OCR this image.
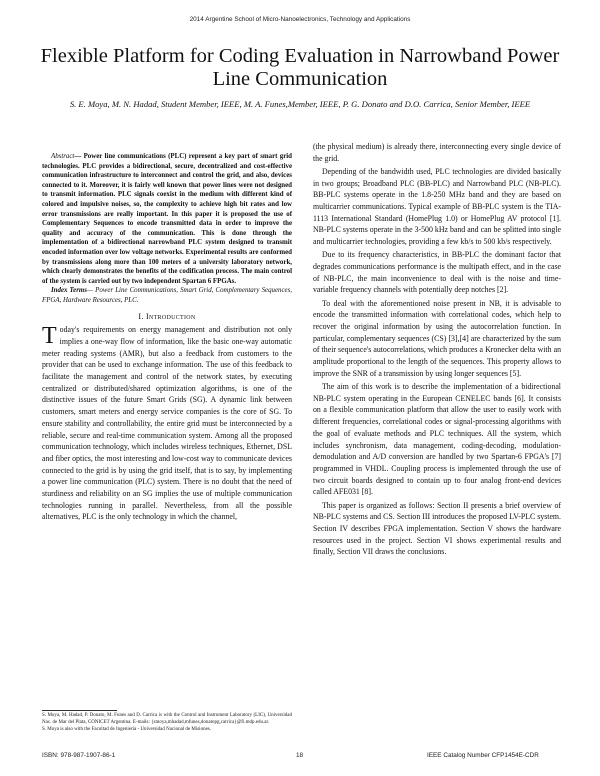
2014 Argentine School of Micro-Nanoelectronics, Technology and Applications
Flexible Platform for Coding Evaluation in Narrowband Power Line Communication
S. E. Moya, M. N. Hadad, Student Member, IEEE, M. A. Funes,Member, IEEE, P. G. Donato and D.O. Carrica, Senior Member, IEEE

Abstract— Power line communications (PLC) represent a key part of smart grid technologies. PLC provides a bidirectional, secure, decentralized and cost-effective communication infrastructure to interconnect and control the grid, and also, devices connected to it. Moreover, it is fairly well known that power lines were not designed to transmit information. PLC signals coexist in the medium with different kind of colored and impulsive noises, so, the complexity to achieve high bit rates and low error transmissions are really important. In this paper it is proposed the use of Complementary Sequences to encode transmitted data in order to improve the quality and accuracy of the communication. This is done through the implementation of a bidirectional narrowband PLC system designed to transmit encoded information over low voltage networks. Experimental results are conformed by transmissions along more than 100 meters of a university laboratory network, which clearly demonstrates the benefits of the codification process. The main control of the system is carried out by two independent Spartan 6 FPGAs.

Index Terms— Power Line Communications, Smart Grid, Complementary Sequences, FPGA, Hardware Resources, PLC.

I. Introduction

Today's requirements on energy management and distribution not only implies a one-way flow of information, like the basic one-way automatic meter reading systems (AMR), but also a feedback from customers to the provider that can be used to exchange information. The use of this feedback to facilitate the management and control of the network states, by executing centralized or distributed/shared optimization algorithms, is one of the distinctive issues of the future Smart Grids (SG). A dynamic link between customers, smart meters and energy service companies is the core of SG. To ensure stability and controllability, the entire grid must be interconnected by a reliable, secure and real-time communication system. Among all the proposed communication technology, which includes wireless techniques, Ethernet, DSL and fiber optics, the most interesting and low-cost way to communicate devices connected to the grid is by using the grid itself, that is to say, by implementing a power line communication (PLC) system. There is no doubt that the need of sturdiness and reliability on an SG implies the use of multiple communication technologies running in parallel. Nevertheless, from all the possible alternatives, PLC is the only technology in which the channel,

(the physical medium) is already there, interconnecting every single device of the grid.

Depending of the bandwidth used, PLC technologies are divided basically in two groups; Broadband PLC (BB-PLC) and Narrowband PLC (NB-PLC). BB-PLC systems operate in the 1.8-250 MHz band and they are based on multicarrier communications. Typical example of BB-PLC system is the TIA-1113 International Standard (HomePlug 1.0) or HomePlug AV protocol [1]. NB-PLC systems operate in the 3-500 kHz band and can be splitted into single and multicarrier technologies, providing a few kb/s to 500 kb/s respectively.

Due to its frequency characteristics, in BB-PLC the dominant factor that degrades communications performance is the multipath effect, and in the case of NB-PLC, the main inconvenience to deal with is the noise and time-variable frequency channels with potentially deep notches [2].

To deal with the aforementioned noise present in NB, it is advisable to encode the transmitted information with correlational codes, which help to recover the original information by using the autocorrelation function. In particular, complementary sequences (CS) [3],[4] are characterized by the sum of their sequence's autocorrelations, which produces a Kronecker delta with an amplitude proportional to the length of the sequences. This property allows to improve the SNR of a transmission by using longer sequences [5].

The aim of this work is to describe the implementation of a bidirectional NB-PLC system operating in the European CENELEC bands [6]. It consists on a flexible communication platform that allow the user to easily work with different frequencies, correlational codes or signal-processing algorithms with the goal of evaluate methods and PLC techniques. All the system, which includes synchronism, data management, coding-decoding, modulation-demodulation and A/D conversion are handled by two Spartan-6 FPGA's [7] programmed in VHDL. Coupling process is implemented through the use of two circuit boards designed to contain up to four analog front-end devices called AFE031 [8].

This paper is organized as follows: Section II presents a brief overview of NB-PLC systems and CS. Section III introduces the proposed LV-PLC system. Section IV describes FPGA implementation. Section V shows the hardware resources used in the project. Section VI shows experimental results and finally, Section VII draws the conclusions.

S. Moya, M. Hadad, P. Donato, M. Funes and D. Carrica is with the Control and Instrument Laboratory (LIC), Universidad Nac. de Mar del Plata, CONICET Argentina. E-mails: {smoya,mhadad,mfunes,donatopg,carrica}@fi.mdp.edu.ar.
S. Moya is also with the Facultad de Ingeniería - Universidad Nacional de Misiones.
ISBN: 978-987-1907-86-1	18	IEEE Catalog Number CFP1454E-CDR
